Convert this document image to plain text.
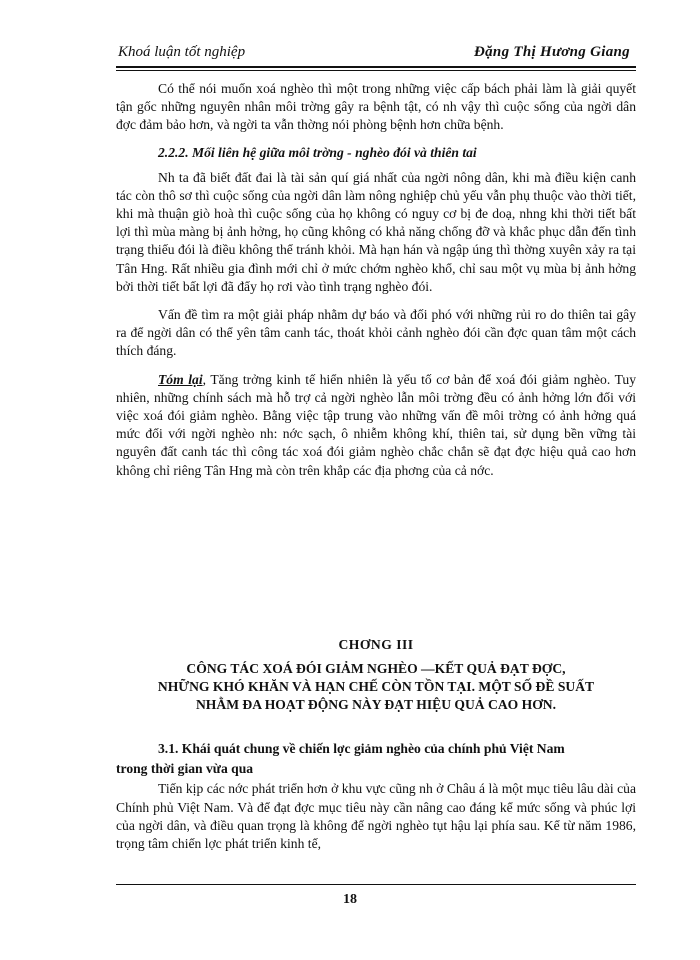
Khoá luận tốt nghiệp	Đặng Thị Hương Giang

Có thể nói muốn xoá nghèo thì một trong những việc cấp bách phải làm là giải quyết tận gốc những nguyên nhân môi trờng gây ra bệnh tật, có nh vậy thì cuộc sống của ngời dân đợc đảm bảo hơn, và ngời ta vẫn thờng nói phòng bệnh hơn chữa bệnh.

2.2.2. Mối liên hệ giữa môi trờng - nghèo đói và thiên tai

Nh ta đã biết đất đai là tài sản quí giá nhất của ngời nông dân, khi mà điều kiện canh tác còn thô sơ thì cuộc sống của ngời dân làm nông nghiệp chủ yếu vẫn phụ thuộc vào thời tiết, khi mà thuận giò hoà thì cuộc sống của họ không có nguy cơ bị đe doạ, nhng khi thời tiết bất lợi thì mùa màng bị ảnh hởng, họ cũng không có khả năng chống đỡ và khắc phục dẫn đến tình trạng thiếu đói là điều không thể tránh khỏi. Mà hạn hán và ngập úng thì thờng xuyên xảy ra tại Tân Hng. Rất nhiều gia đình mới chỉ ở mức chớm nghèo khổ, chỉ sau một vụ mùa bị ảnh hởng bởi thời tiết bất lợi đã đẩy họ rơi vào tình trạng nghèo đói.

Vấn đề tìm ra một giải pháp nhằm dự báo và đối phó với những rủi ro do thiên tai gây ra để ngời dân có thể yên tâm canh tác, thoát khỏi cảnh nghèo đói cần đợc quan tâm một cách thích đáng.

Tóm lại, Tăng trởng kinh tế hiển nhiên là yếu tố cơ bản để xoá đói giảm nghèo. Tuy nhiên, những chính sách mà hỗ trợ cả ngời nghèo lẫn môi trờng đều có ảnh hởng lớn đối với việc xoá đói giảm nghèo. Bằng việc tập trung vào những vấn đề môi trờng có ảnh hởng quá mức đối với ngời nghèo nh: nớc sạch, ô nhiễm không khí, thiên tai, sử dụng bền vững tài nguyên đất canh tác thì công tác xoá đói giảm nghèo chắc chắn sẽ đạt đợc hiệu quả cao hơn không chỉ riêng Tân Hng mà còn trên khắp các địa phơng của cả nớc.

CHƠNG III
CÔNG TÁC XOÁ ĐÓI GIẢM NGHÈO —KẾT QUẢ ĐẠT ĐỢC,
NHỮNG KHÓ KHĂN VÀ HẠN CHẾ CÒN TỒN TẠI. MỘT SỐ ĐỀ SUẤT
NHẰM ĐA HOẠT ĐỘNG NÀY ĐẠT HIỆU QUẢ CAO HƠN.
3.1. Khái quát chung về chiến lợc giảm nghèo của chính phủ Việt Nam
trong thời gian vừa qua

Tiến kịp các nớc phát triển hơn ở khu vực cũng nh ở Châu á là một mục tiêu lâu dài của Chính phủ Việt Nam. Và để đạt đợc mục tiêu này cần nâng cao đáng kể mức sống và phúc lợi của ngời dân, và điều quan trọng là không để ngời nghèo tụt hậu lại phía sau. Kể từ năm 1986, trọng tâm chiến lợc phát triển kinh tế,

18
